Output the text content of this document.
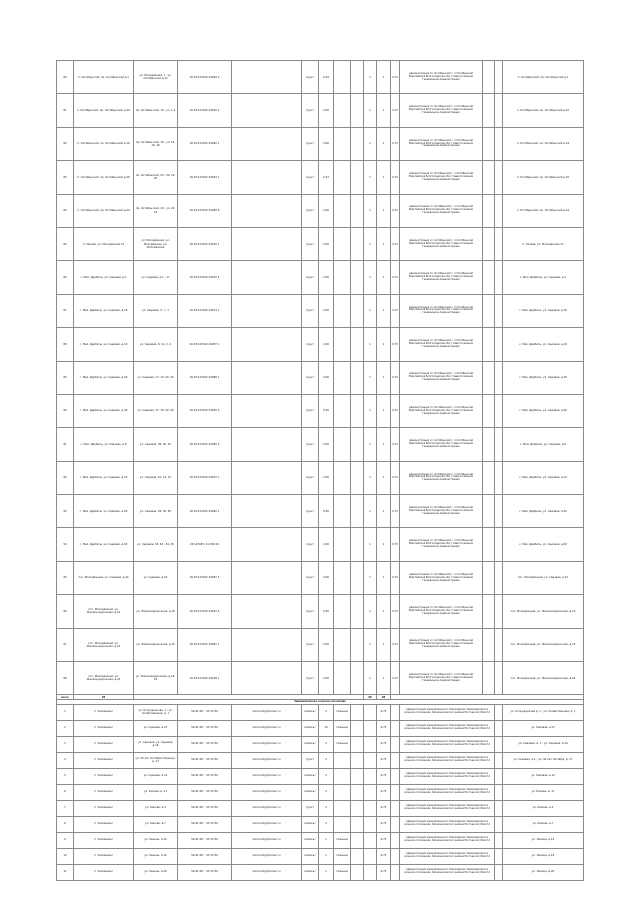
80	п. Октябрьский, пр. Октябрьский д.1	ул. Молодёжная, 1 , ул. Октябрьская д.12	26:18:123012:19099 2		грунт	0,29			1	1	0,75	Администрация сп. Октябрьский с. 1 Октябрьский Европейская Волгоградская обл. Глава поселения Генеральное Администрация			п. Октябрьский, пр. Октябрьский д.1
81	п. Октябрьский, пр. Октябрьский, д.10	пр. Октябрьский, 10 ; ул. 1-я	26:18:123012:19070 4		грунт	2,00			1	1	0,75	Администрация сп. Октябрьский с. 1 Октябрьский Европейская Волгоградская обл. Глава поселения Генеральное Администрация			п. Октябрьский, пр. Октябрьский д.10
82	п. Октябрьский, пр. Октябрьский д.16	пр. Октябрьский, 16 ; ул. 16, 16, 16	26:18:123012:19082 1		грунт	2,00			1	1	0,75	Администрация сп. Октябрьский с. 1 Октябрьский Европейская Волгоградская обл. Глава поселения Генеральное Администрация			п. Октябрьский, пр. Октябрьский д.16
83	п. Октябрьский, пр. Октябрьский д.20	пр. Октябрьский, 20 ; 20, 20, 20	26:18:123012:19034 1		грунт	0,23			1	1	0,75	Администрация сп. Октябрьский с. 1 Октябрьский Европейская Волгоградская обл. Глава поселения Генеральное Администрация			п. Октябрьский, пр. Октябрьский д.20
84	п. Октябрьский, пр. Октябрьский д.24	пр. Октябрьский, 24 ; ул. 24, 24	26:18:123012:19082 6		грунт	2,00			1	1	0,75	Администрация сп. Октябрьский с. 1 Октябрьский Европейская Волгоградская обл. Глава поселения Генеральное Администрация			п. Октябрьский, пр. Октябрьский д.24
85	п. Чапаев, ул. Молодёжная 27	ул. Молодёжная, ул. Молодёжная, ул. Молодёжная	26:18:123012:19070 1		грунт	2,00			1	1	0,75	Администрация сп. Октябрьский с. 1 Октябрьский Европейская Волгоградская обл. Глава поселения Генеральное Администрация			п. Чапаев, ул. Молодёжная 27
86	с. Мал. Дербеты, ул. Садовая, д.1	ул. Садовая, д.1 ; 17	26:18:123012:19070 4		грунт	2,00			1	1	0,75	Администрация сп. Октябрьский с. 1 Октябрьский Европейская Волгоградская обл. Глава поселения Генеральное Администрация			с. Мал. Дербеты, ул. Садовая, д.1
87	с. Мал. Дербеты, ул. Садовая, д.16	ул. Садовая, 3 ; с. 1	26:18:123012:19074 1		грунт	2,00			1	1	0,75	Администрация сп. Октябрьский с. 1 Октябрьский Европейская Волгоградская обл. Глава поселения Генеральное Администрация			с. Мал. Дербеты, ул. Садовая, д.16
88	с. Мал. Дербеты, ул. Садовая, д.10	ул. Садовая, 8, 10, 2, 2	26:18:123012:19087 1		грунт	2,00			1	1	0,75	Администрация сп. Октябрьский с. 1 Октябрьский Европейская Волгоградская обл. Глава поселения Генеральное Администрация			с. Мал. Дербеты, ул. Садовая, д.10
89	с. Мал. Дербеты, ул. Садовая, д.20	ул. Садовая, 17, 19, 20, 20	26:18:123012:19088 1		грунт	2,00			1	1	0,75	Администрация сп. Октябрьский с. 1 Октябрьский Европейская Волгоградская обл. Глава поселения Генеральное Администрация			с. Мал. Дербеты, ул. Садовая, д.20
90	с. Мал. Дербеты, ул. Садовая, д.40	ул. Садовая, 37, 39, 40, 40	26:18:123012:19030 2		грунт	0,56			1	1	0,75	Администрация сп. Октябрьский с. 1 Октябрьский Европейская Волгоградская обл. Глава поселения Генеральное Администрация			с. Мал. Дербеты, ул. Садовая, д.40
91	с. Мал. Дербеты, ул. Садовая, д.8	ул. Садовая, 38, 40, 42	26:18:123012:19085 2		грунт	2,00			1	1	0,75	Администрация сп. Октябрьский с. 1 Октябрьский Европейская Волгоградская обл. Глава поселения Генеральное Администрация			с. Мал. Дербеты, ул. Садовая, д.8
92	с. Мал. Дербеты, ул. Садовая, д.12	ул. Садовая, 10, 12, 12	26:18:123012:19072 1		грунт	2,00			1	1	0,75	Администрация сп. Октябрьский с. 1 Октябрьский Европейская Волгоградская обл. Глава поселения Генеральное Администрация			с. Мал. Дербеты, ул. Садовая, д.12
93	с. Мал. Дербеты, ул. Садовая, д.50	ул. Садовая, 49, 50, 50	26:18:123012:19082 1		грунт	0,56			1	1	0,75	Администрация сп. Октябрьский с. 1 Октябрьский Европейская Волгоградская обл. Глава поселения Генеральное Администрация			с. Мал. Дербеты, ул. Садовая, д.50
94	с. Мал. Дербеты, ул. Садовая, д.63	ул. Садовая, 63, 63 ; 61, 65	26:123045: 41:456:10		грунт	2,00			1	1	0,75	Администрация сп. Октябрьский с. 1 Октябрьский Европейская Волгоградская обл. Глава поселения Генеральное Администрация			с. Мал. Дербеты, ул. Садовая, д.63
95	пос. Молодёжный, ул. Садовая, д.22	ул. Садовая, д.22	26:18:123012:19087 4		грунт	2,00			1	1	0,75	Администрация сп. Октябрьский с. 1 Октябрьский Европейская Волгоградская обл. Глава поселения Генеральное Администрация			пос. Молодёжный, ул. Садовая, д.22
96	пос. Молодёжный, ул. Железнодорожная, д.10	ул. Железнодорожная, д.10	26:18:123012:19047 4		грунт	0,56			1	1	0,75	Администрация сп. Октябрьский с. 1 Октябрьский Европейская Волгоградская обл. Глава поселения Генеральное Администрация			пос. Молодёжный, ул. Железнодорожная, д.10
97	пос. Молодёжный, ул. Железнодорожная, д.15	ул. Железнодорожная, д.15	26:18:123012:19087 1		грунт	2,00			1	1	0,75	Администрация сп. Октябрьский с. 1 Октябрьский Европейская Волгоградская обл. Глава поселения Генеральное Администрация			пос. Молодёжный, ул. Железнодорожная, д.15
98	пос. Молодёжный, ул. Железнодорожная, д.24	ул. Железнодорожная, д.24, 24	26:18:123012:19128 1		грунт	2,00			1	1	0,75	Администрация сп. Октябрьский с. 1 Октябрьский Европейская Волгоградская обл. Глава поселения Генеральное Администрация			пос. Молодёжный, ул. Железнодорожная, д.24
итого	98								98	98					
Зимовниковское сельское поселение															
1	п. Зимовники	ул. Огородникова, 1 ; ул. Хозяйственная, д. 1	56,41 89, ; 41,32 89	zimovniki@donpac.ru	асфальт	4	подъезд			0,75		Администрация муниципального образования «Зимовниковское сельское поселение» Зимовниковского района Ростовской области			ул. Огородникова д. 1 , ул. Хозяйственная, д. 1
2	п. Зимовники	ул. Садовая, д.27	56,41 89, ; 41,32 89	zimovniki@donpac.ru	асфальт	10	подъезд			0,75		Администрация муниципального образования «Зимовниковское сельское поселение» Зимовниковского района Ростовской области			ул. Садовая, д.27
3	п. Зимовники	ул. Садовая, ул. Садовая, д.16	56,41 89, ; 41,32 89	zimovniki@donpac.ru	асфальт	4	подъезд			0,75		Администрация муниципального образования «Зимовниковское сельское поселение» Зимовниковского района Ростовской области			ул. Садовая, д. 1 ; ул. Садовая, д.16
4	п. Зимовники	ул. 40 лет Октября (Ленина), д. 27	56,41 89, ; 41,32 89	zimovniki@donpac.ru	грунт	4				0,75		Администрация муниципального образования «Зимовниковское сельское поселение» Зимовниковского района Ростовской области			ул. Садовая, д.1 ; ул. 40 лет Октября, д. 27
5	п. Зимовники	ул. Садовая, д.12	56,41 89, ; 41,32 89	zimovniki@donpac.ru	асфальт	4				0,75		Администрация муниципального образования «Зимовниковское сельское поселение» Зимовниковского района Ростовской области			ул. Садовая, д.12
6	п. Зимовники	ул. Кирова, д. 11	56,41 89, ; 41,32 89	zimovniki@donpac.ru	асфальт	4				0,75		Администрация муниципального образования «Зимовниковское сельское поселение» Зимовниковского района Ростовской области			ул. Кирова, д. 11
7	п. Зимовники	ул. Кирова, д.3	56,41 89, ; 41,32 89	zimovniki@donpac.ru	грунт	4				0,75		Администрация муниципального образования «Зимовниковское сельское поселение» Зимовниковского района Ростовской области			ул. Кирова, д.3
8	п. Зимовники	ул. Кирова, д.7	56,41 89, ; 41,32 89	zimovniki@donpac.ru	асфальт	4				0,75		Администрация муниципального образования «Зимовниковское сельское поселение» Зимовниковского района Ростовской области			ул. Кирова, д.7
9	п. Зимовники	ул. Ленина, д.12	56,41 89, ; 41,32 89	zimovniki@donpac.ru	асфальт	1	подъезд			0,75		Администрация муниципального образования «Зимовниковское сельское поселение» Зимовниковского района Ростовской области			ул. Ленина, д.12
10	п. Зимовники	ул. Ленина, д.16	56,41 89, ; 41,32 89	zimovniki@donpac.ru	асфальт	1	подъезд			0,75		Администрация муниципального образования «Зимовниковское сельское поселение» Зимовниковского района Ростовской области			ул. Ленина, д.16
11	п. Зимовники	ул. Ленина, д.20	56,41 89, ; 41,32 89	zimovniki@donpac.ru	асфальт	1	подъезд			0,75		Администрация муниципального образования «Зимовниковское сельское поселение» Зимовниковского района Ростовской области			ул. Ленина, д.20
